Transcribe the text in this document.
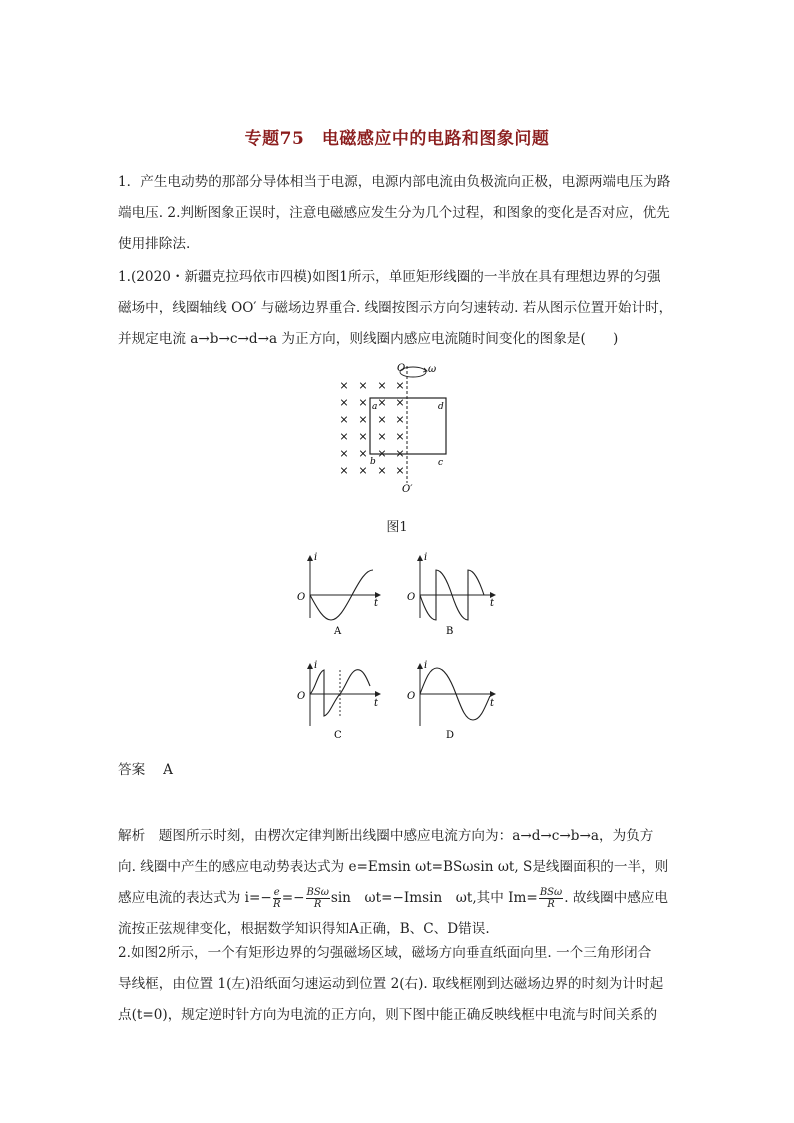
专题75　电磁感应中的电路和图象问题

1．产生电动势的那部分导体相当于电源，电源内部电流由负极流向正极，电源两端电压为路
端电压. 2.判断图象正误时，注意电磁感应发生分为几个过程，和图象的变化是否对应，优先
使用排除法.

1.(2020・新疆克拉玛依市四模)如图1所示，单匝矩形线圈的一半放在具有理想边界的匀强
磁场中，线圈轴线 OO′ 与磁场边界重合. 线圈按图示方向匀速转动. 若从图示位置开始计时，
并规定电流 a→b→c→d→a 为正方向，则线圈内感应电流随时间变化的图象是(　　)

× × × ×
× × × ×
× × × ×
× × × ×
× × × ×
× × × ×
O ω
a	d
b	c
O′
图1
i
t
O
A
i
t
O
B
i
t
O
C
i
t
O
D

答案　 A

解析　 题图所示时刻，由楞次定律判断出线圈中感应电流方向为：a→d→c→b→a，为负方
向. 线圈中产生的感应电动势表达式为 e=Emsin ωt=BSωsin ωt, S是线圈面积的一半，则
感应电流的表达式为 $i=- \frac{e}{R} =- \frac{\text{BSω}}{R}$ sin　ωt=−Imsin　ωt,其中 $Im= \frac{\text{BSω}}{R}$ . 故线圈中感应电
流按正弦规律变化，根据数学知识得知A正确，B、C、D错误.

2.如图2所示，一个有矩形边界的匀强磁场区域，磁场方向垂直纸面向里. 一个三角形闭合
导线框，由位置 1(左)沿纸面匀速运动到位置 2(右). 取线框刚到达磁场边界的时刻为计时起
点(t=0)，规定逆时针方向为电流的正方向，则下图中能正确反映线框中电流与时间关系的
